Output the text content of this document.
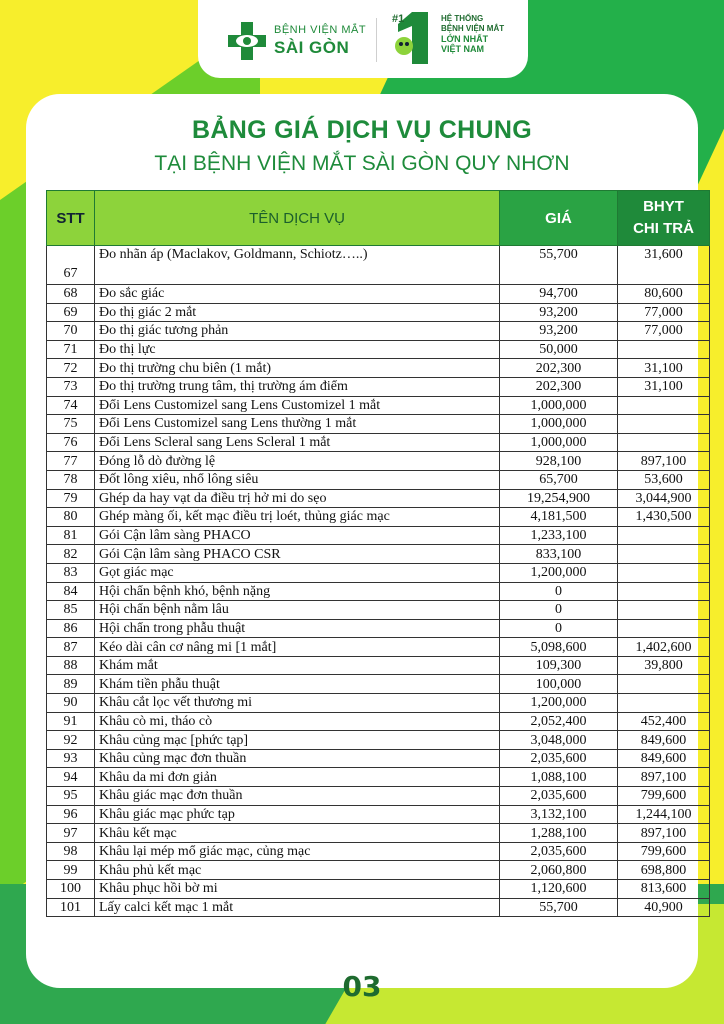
BỆNH VIỆN MẮT
SÀI GÒN
#1	HỆ THỐNG
BỆNH VIỆN MẮT
LỚN NHẤT
VIỆT NAM
BẢNG GIÁ DỊCH VỤ CHUNG
TẠI BỆNH VIỆN MẮT SÀI GÒN QUY NHƠN
STT	TÊN DỊCH VỤ	GIÁ	BHYT
CHI TRẢ

67	Đo nhãn áp (Maclakov, Goldmann, Schiotz…..)	55,700	31,600
68	Đo sắc giác	94,700	80,600
69	Đo thị giác 2 mắt	93,200	77,000
70	Đo thị giác tương phản	93,200	77,000
71	Đo thị lực	50,000	
72	Đo thị trường chu biên (1 mắt)	202,300	31,100
73	Đo thị trường trung tâm, thị trường ám điểm	202,300	31,100
74	Đổi Lens Customizel sang Lens Customizel 1 mắt	1,000,000	
75	Đổi Lens Customizel sang Lens thường 1 mắt	1,000,000	
76	Đổi Lens Scleral sang Lens Scleral 1 mắt	1,000,000	
77	Đóng lỗ dò đường lệ	928,100	897,100
78	Đốt lông xiêu, nhổ lông siêu	65,700	53,600
79	Ghép da hay vạt da điều trị hở mi do sẹo	19,254,900	3,044,900
80	Ghép màng ối, kết mạc điều trị loét, thủng giác mạc	4,181,500	1,430,500
81	Gói Cận lâm sàng PHACO	1,233,100	
82	Gói Cận lâm sàng PHACO CSR	833,100	
83	Gọt giác mạc	1,200,000	
84	Hội chẩn bệnh khó, bệnh nặng	0	
85	Hội chẩn bệnh nằm lâu	0	
86	Hội chẩn trong phẫu thuật	0	
87	Kéo dài cân cơ nâng mi [1 mắt]	5,098,600	1,402,600
88	Khám mắt	109,300	39,800
89	Khám tiền phẫu thuật	100,000	
90	Khâu cắt lọc vết thương mi	1,200,000	
91	Khâu cò mi, tháo cò	2,052,400	452,400
92	Khâu củng mạc [phức tạp]	3,048,000	849,600
93	Khâu củng mạc đơn thuần	2,035,600	849,600
94	Khâu da mi đơn giản	1,088,100	897,100
95	Khâu giác mạc đơn thuần	2,035,600	799,600
96	Khâu giác mạc phức tạp	3,132,100	1,244,100
97	Khâu kết mạc	1,288,100	897,100
98	Khâu lại mép mổ giác mạc, củng mạc	2,035,600	799,600
99	Khâu phủ kết mạc	2,060,800	698,800
100	Khâu phục hồi bờ mi	1,120,600	813,600
101	Lấy calci kết mạc 1 mắt	55,700	40,900
03
